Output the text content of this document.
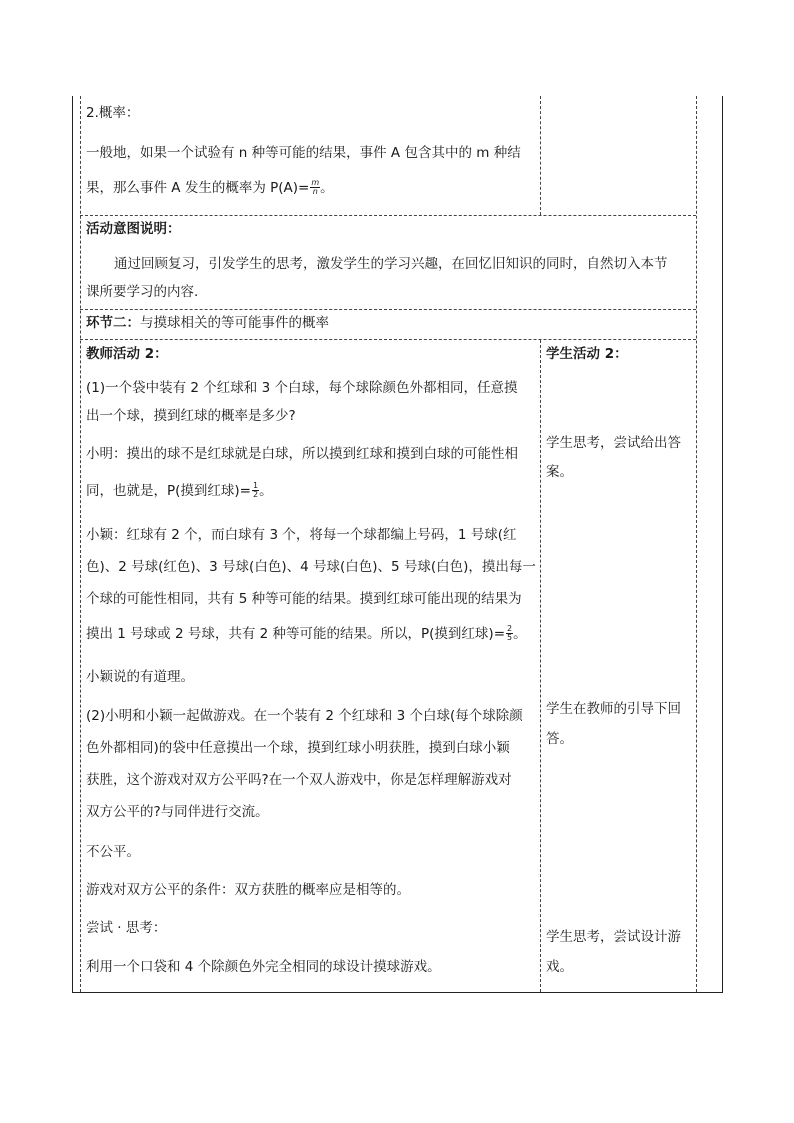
2.概率：
一般地，如果一个试验有 n 种等可能的结果，事件 A 包含其中的 m 种结
果，那么事件 A 发生的概率为 $P(A)= \frac{m}{n}$ 。
活动意图说明：
通过回顾复习，引发学生的思考，激发学生的学习兴趣，在回忆旧知识的同时，自然切入本节
课所要学习的内容.
环节二：与摸球相关的等可能事件的概率
教师活动 2：
(1)一个袋中装有 2 个红球和 3 个白球，每个球除颜色外都相同，任意摸
出一个球，摸到红球的概率是多少?
小明：摸出的球不是红球就是白球，所以摸到红球和摸到白球的可能性相
同，也就是，P(摸到红球)= $\frac{1}{2}$ 。
小颖：红球有 2 个，而白球有 3 个，将每一个球都编上号码，1 号球(红
色)、2 号球(红色)、3 号球(白色)、4 号球(白色)、5 号球(白色)，摸出每一
个球的可能性相同，共有 5 种等可能的结果。摸到红球可能出现的结果为
摸出 1 号球或 2 号球，共有 2 种等可能的结果。所以，P(摸到红球)= $\frac{2}{5}$ 。
小颖说的有道理。
(2)小明和小颖一起做游戏。在一个装有 2 个红球和 3 个白球(每个球除颜
色外都相同)的袋中任意摸出一个球，摸到红球小明获胜，摸到白球小颖
获胜，这个游戏对双方公平吗?在一个双人游戏中，你是怎样理解游戏对
双方公平的?与同伴进行交流。
不公平。
游戏对双方公平的条件：双方获胜的概率应是相等的。
尝试 · 思考：
利用一个口袋和 4 个除颜色外完全相同的球设计摸球游戏。
学生活动 2：
学生思考，尝试给出答
案。
学生在教师的引导下回
答。
学生思考，尝试设计游
戏。
